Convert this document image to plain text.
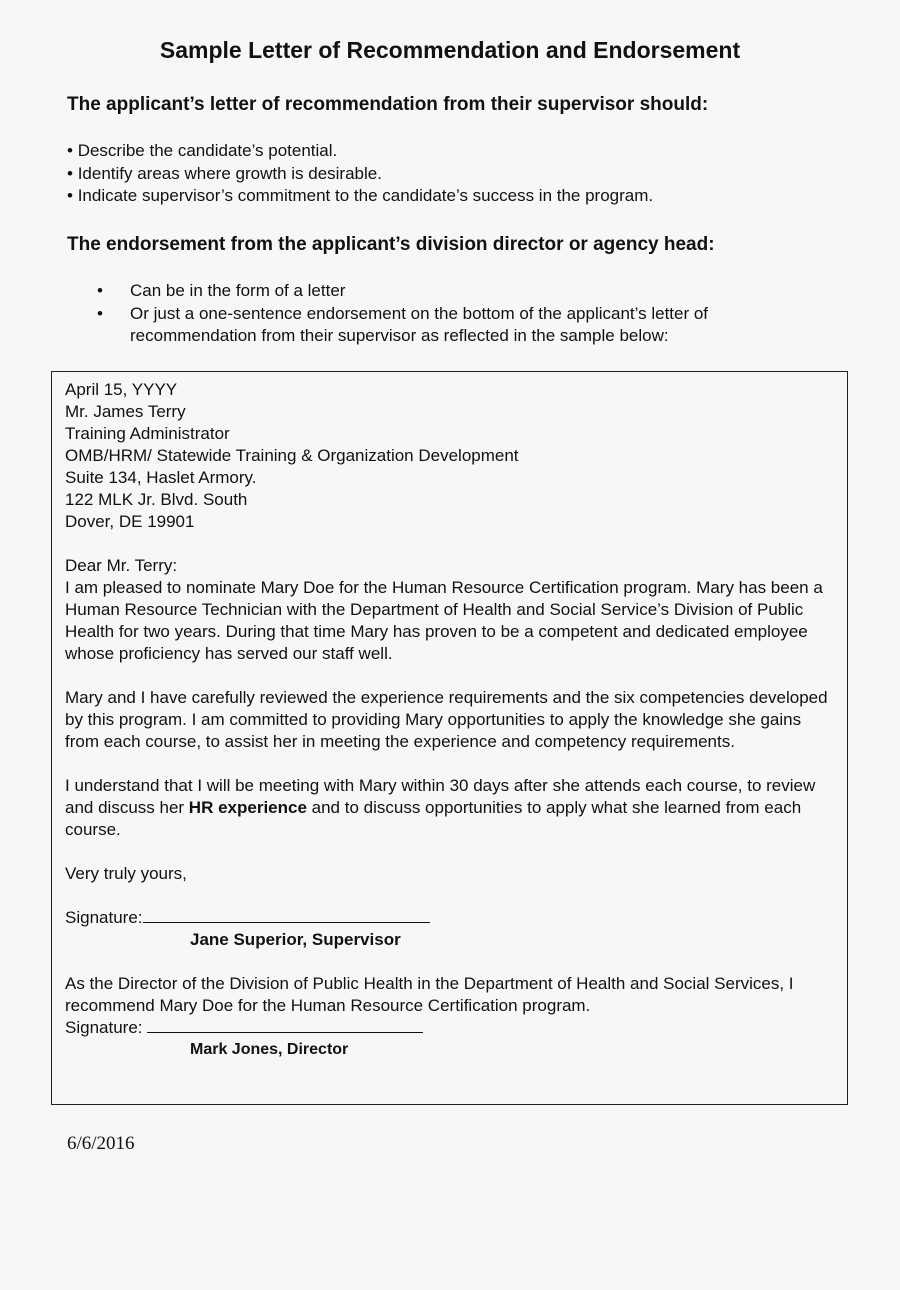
Sample Letter of Recommendation and Endorsement
The applicant’s letter of recommendation from their supervisor should:
• Describe the candidate’s potential.
• Identify areas where growth is desirable.
• Indicate supervisor’s commitment to the candidate’s success in the program.
The endorsement from the applicant’s division director or agency head:
• Can be in the form of a letter
• Or just a one-sentence endorsement on the bottom of the applicant’s letter of recommendation from their supervisor as reflected in the sample below:
April 15, YYYY
Mr. James Terry
Training Administrator
OMB/HRM/ Statewide Training & Organization Development
Suite 134, Haslet Armory.
122 MLK Jr. Blvd. South
Dover, DE 19901
Dear Mr. Terry:
I am pleased to nominate Mary Doe for the Human Resource Certification program. Mary has been a Human Resource Technician with the Department of Health and Social Service’s Division of Public Health for two years. During that time Mary has proven to be a competent and dedicated employee whose proficiency has served our staff well.
Mary and I have carefully reviewed the experience requirements and the six competencies developed by this program. I am committed to providing Mary opportunities to apply the knowledge she gains from each course, to assist her in meeting the experience and competency requirements.
I understand that I will be meeting with Mary within 30 days after she attends each course, to review and discuss her HR experience and to discuss opportunities to apply what she learned from each course.
Very truly yours,
Signature:
Jane Superior, Supervisor
As the Director of the Division of Public Health in the Department of Health and Social Services, I recommend Mary Doe for the Human Resource Certification program.
Signature:
Mark Jones, Director
6/6/2016
